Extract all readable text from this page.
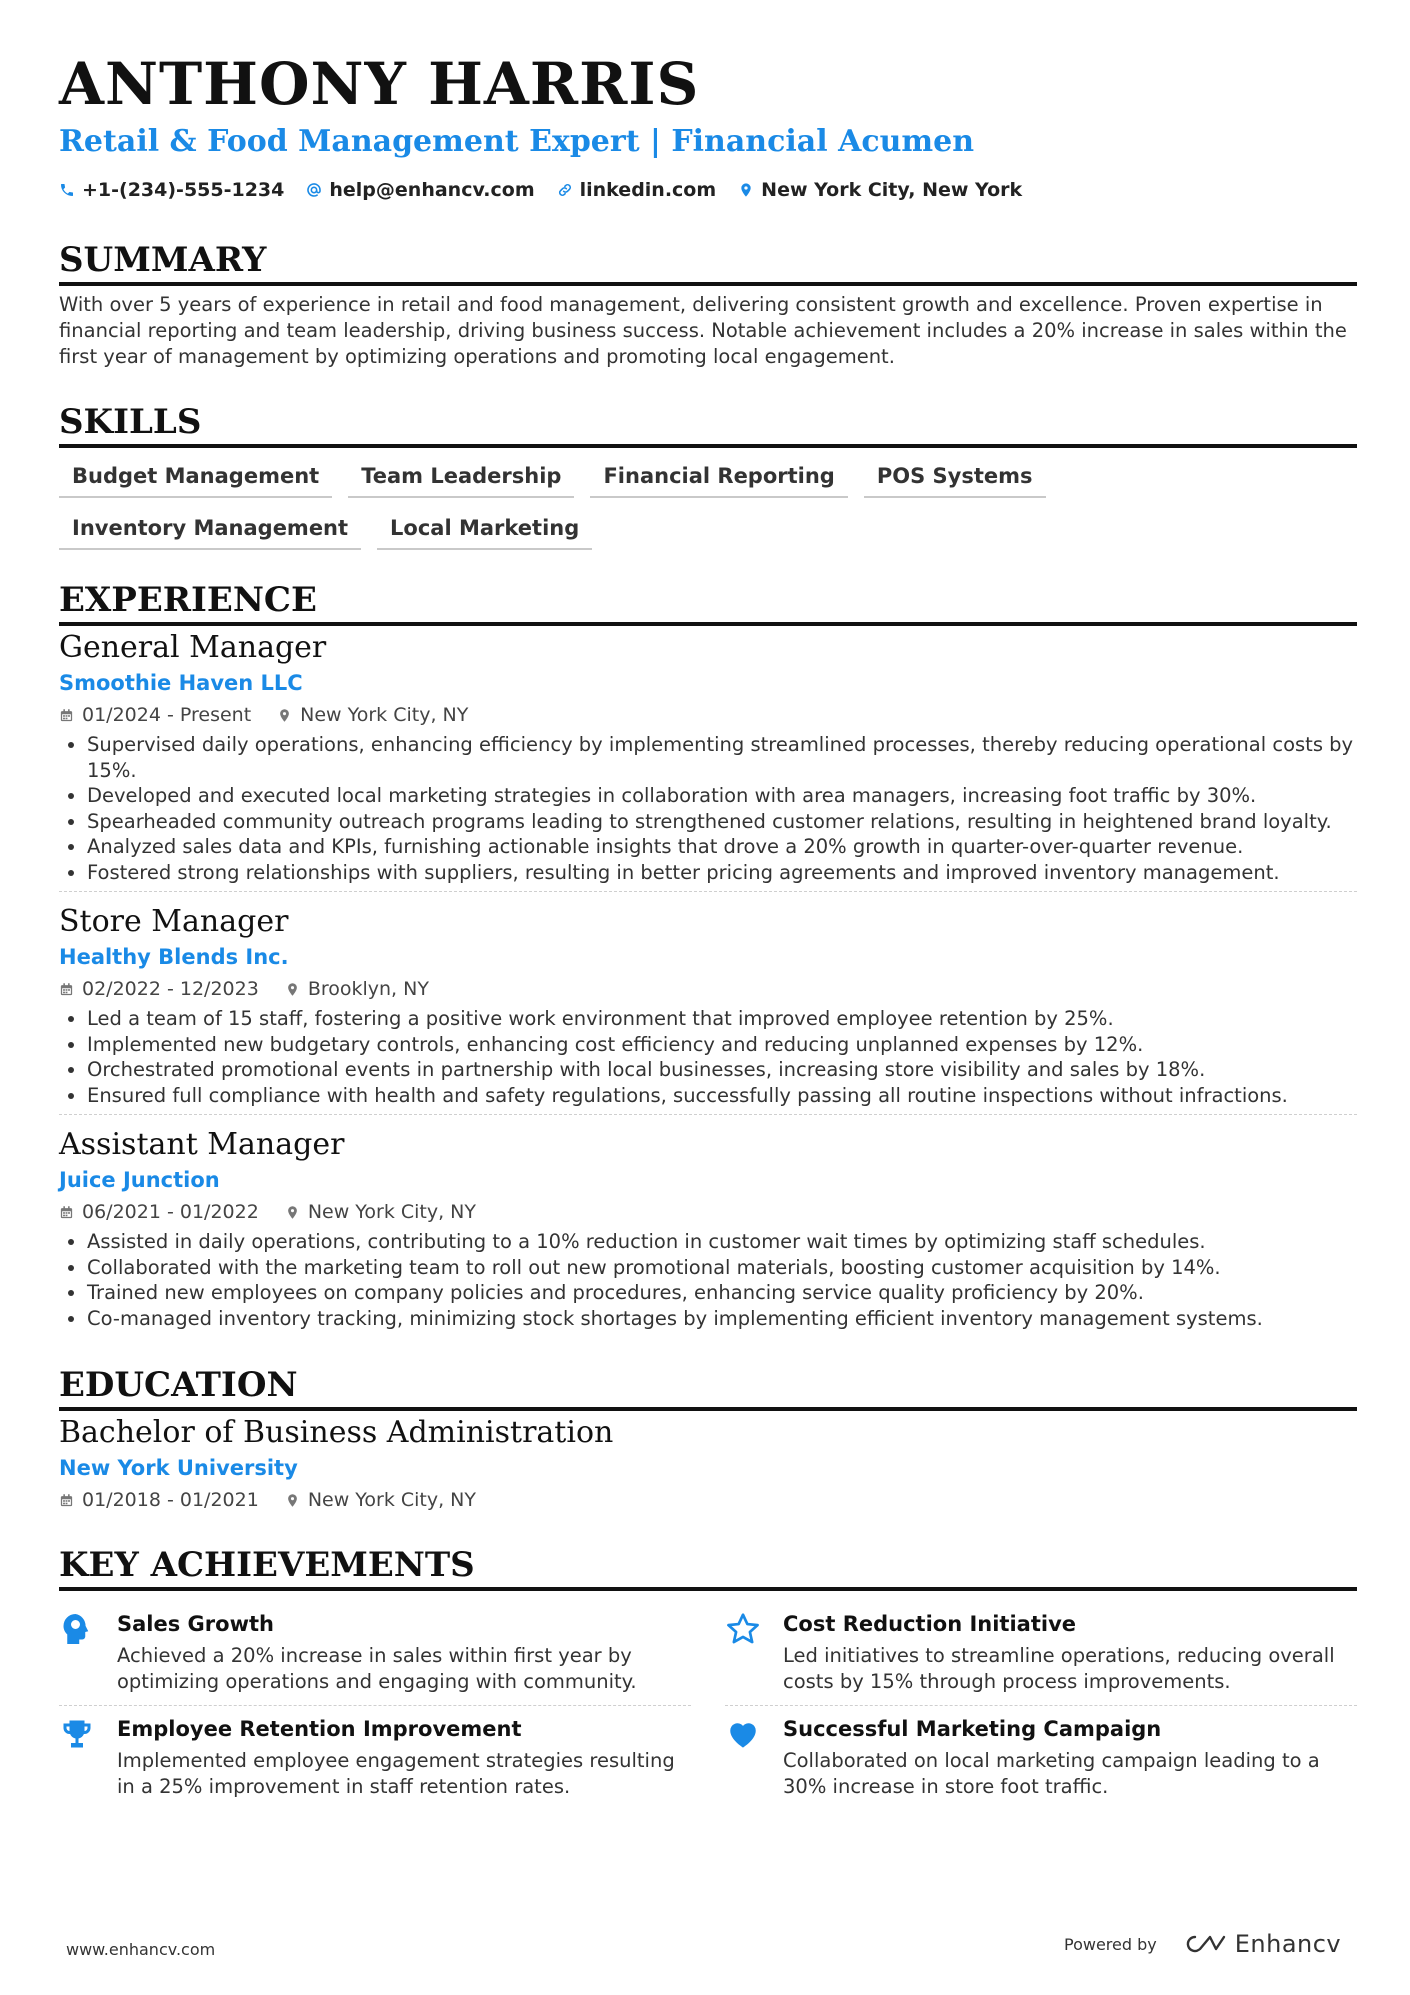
ANTHONY HARRIS
Retail & Food Management Expert | Financial Acumen
+1-(234)-555-1234 help@enhancv.com linkedin.com New York City, New York
SUMMARY
With over 5 years of experience in retail and food management, delivering consistent growth and excellence. Proven expertise in financial reporting and team leadership, driving business success. Notable achievement includes a 20% increase in sales within the first year of management by optimizing operations and promoting local engagement.
SKILLS
Budget Management	Team Leadership	Financial Reporting	POS Systems
Inventory Management	Local Marketing
EXPERIENCE
General Manager
Smoothie Haven LLC
01/2024 - Present	New York City, NY
• Supervised daily operations, enhancing efficiency by implementing streamlined processes, thereby reducing operational costs by 15%.
• Developed and executed local marketing strategies in collaboration with area managers, increasing foot traffic by 30%.
• Spearheaded community outreach programs leading to strengthened customer relations, resulting in heightened brand loyalty.
• Analyzed sales data and KPIs, furnishing actionable insights that drove a 20% growth in quarter-over-quarter revenue.
• Fostered strong relationships with suppliers, resulting in better pricing agreements and improved inventory management.
Store Manager
Healthy Blends Inc.
02/2022 - 12/2023	Brooklyn, NY
• Led a team of 15 staff, fostering a positive work environment that improved employee retention by 25%.
• Implemented new budgetary controls, enhancing cost efficiency and reducing unplanned expenses by 12%.
• Orchestrated promotional events in partnership with local businesses, increasing store visibility and sales by 18%.
• Ensured full compliance with health and safety regulations, successfully passing all routine inspections without infractions.
Assistant Manager
Juice Junction
06/2021 - 01/2022	New York City, NY
• Assisted in daily operations, contributing to a 10% reduction in customer wait times by optimizing staff schedules.
• Collaborated with the marketing team to roll out new promotional materials, boosting customer acquisition by 14%.
• Trained new employees on company policies and procedures, enhancing service quality proficiency by 20%.
• Co-managed inventory tracking, minimizing stock shortages by implementing efficient inventory management systems.
EDUCATION
Bachelor of Business Administration
New York University
01/2018 - 01/2021	New York City, NY
KEY ACHIEVEMENTS
Sales Growth
Achieved a 20% increase in sales within first year by optimizing operations and engaging with community.
Cost Reduction Initiative
Led initiatives to streamline operations, reducing overall costs by 15% through process improvements.
Employee Retention Improvement
Implemented employee engagement strategies resulting in a 25% improvement in staff retention rates.
Successful Marketing Campaign
Collaborated on local marketing campaign leading to a 30% increase in store foot traffic.
www.enhancv.com	Powered by	Enhancv
